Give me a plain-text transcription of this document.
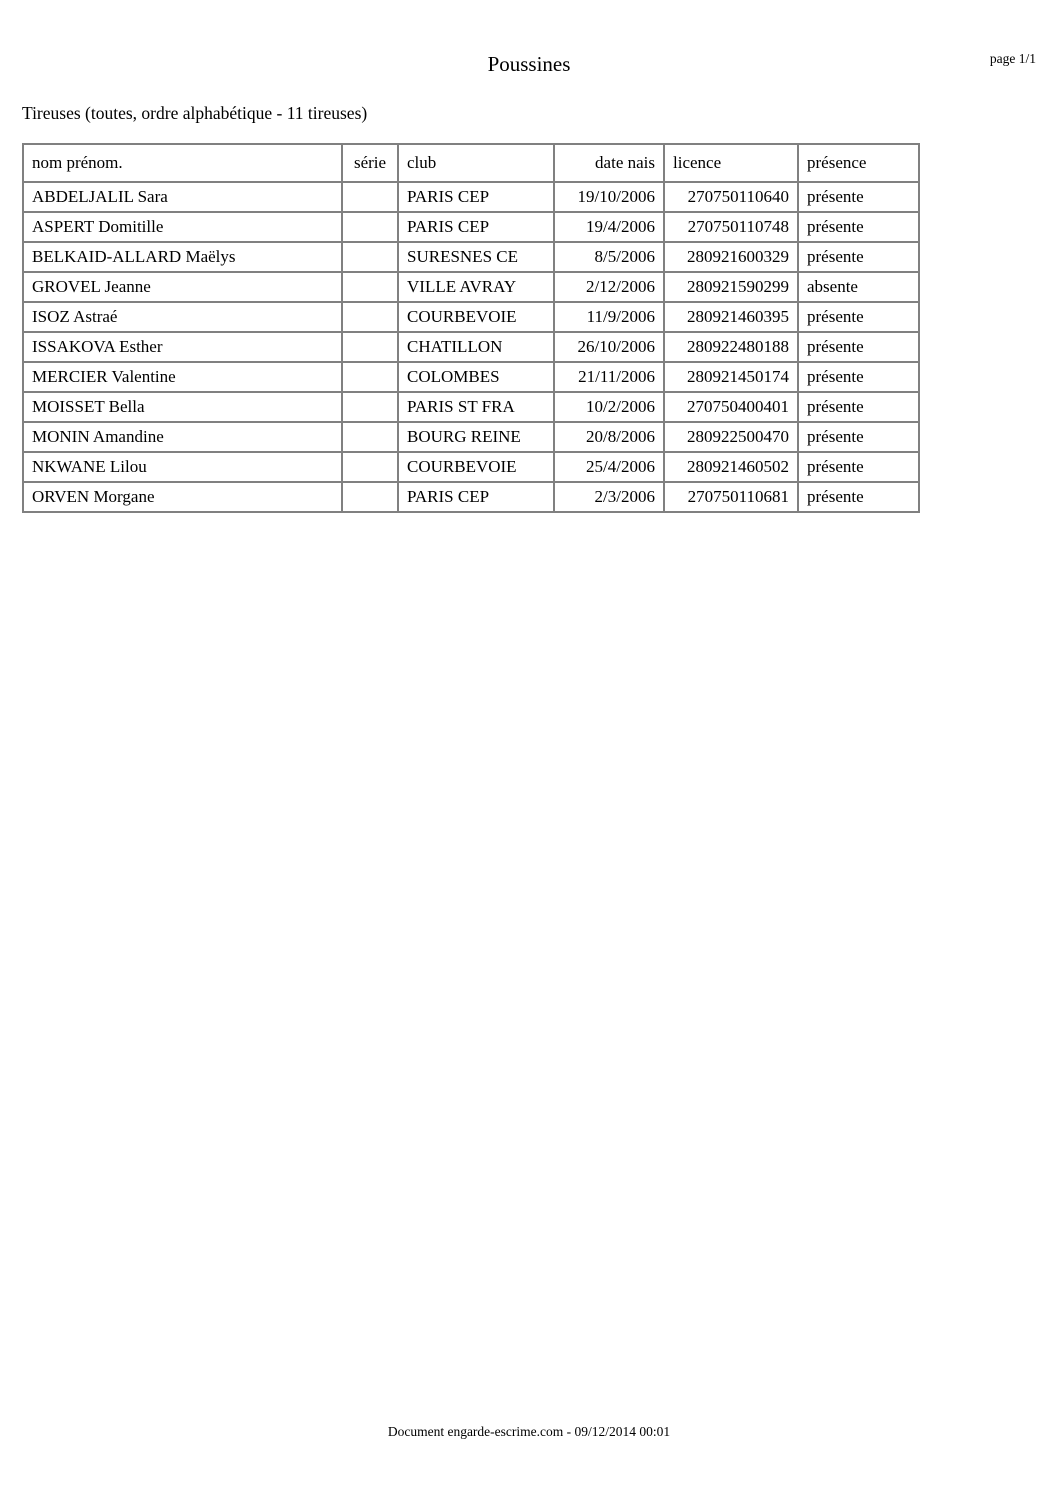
Poussines	page 1/1
Tireuses (toutes, ordre alphabétique - 11 tireuses)
nom prénom.	série	club	date nais	licence	présence
ABDELJALIL Sara		PARIS CEP	19/10/2006	270750110640	présente
ASPERT Domitille		PARIS CEP	19/4/2006	270750110748	présente
BELKAID-ALLARD Maëlys		SURESNES CE	8/5/2006	280921600329	présente
GROVEL Jeanne		VILLE AVRAY	2/12/2006	280921590299	absente
ISOZ Astraé		COURBEVOIE	11/9/2006	280921460395	présente
ISSAKOVA Esther		CHATILLON	26/10/2006	280922480188	présente
MERCIER Valentine		COLOMBES	21/11/2006	280921450174	présente
MOISSET Bella		PARIS ST FRA	10/2/2006	270750400401	présente
MONIN Amandine		BOURG REINE	20/8/2006	280922500470	présente
NKWANE Lilou		COURBEVOIE	25/4/2006	280921460502	présente
ORVEN Morgane		PARIS CEP	2/3/2006	270750110681	présente
Document engarde-escrime.com - 09/12/2014 00:01
